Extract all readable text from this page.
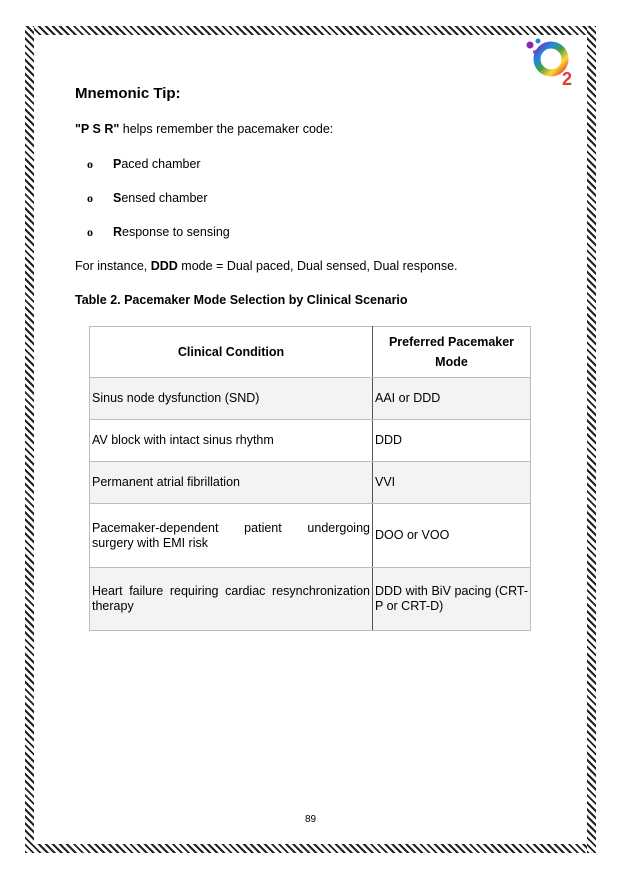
2
Mnemonic Tip:
"P S R" helps remember the pacemaker code:
o Paced chamber
o Sensed chamber
o Response to sensing
For instance, DDD mode = Dual paced, Dual sensed, Dual response.
Table 2. Pacemaker Mode Selection by Clinical Scenario
Clinical Condition	Preferred Pacemaker Mode
Sinus node dysfunction (SND)	AAI or DDD
AV block with intact sinus rhythm	DDD
Permanent atrial fibrillation	VVI
Pacemaker-dependent patient undergoing surgery with EMI risk	DOO or VOO
Heart failure requiring cardiac resynchronization therapy	DDD with BiV pacing (CRT-P or CRT-D)
89
